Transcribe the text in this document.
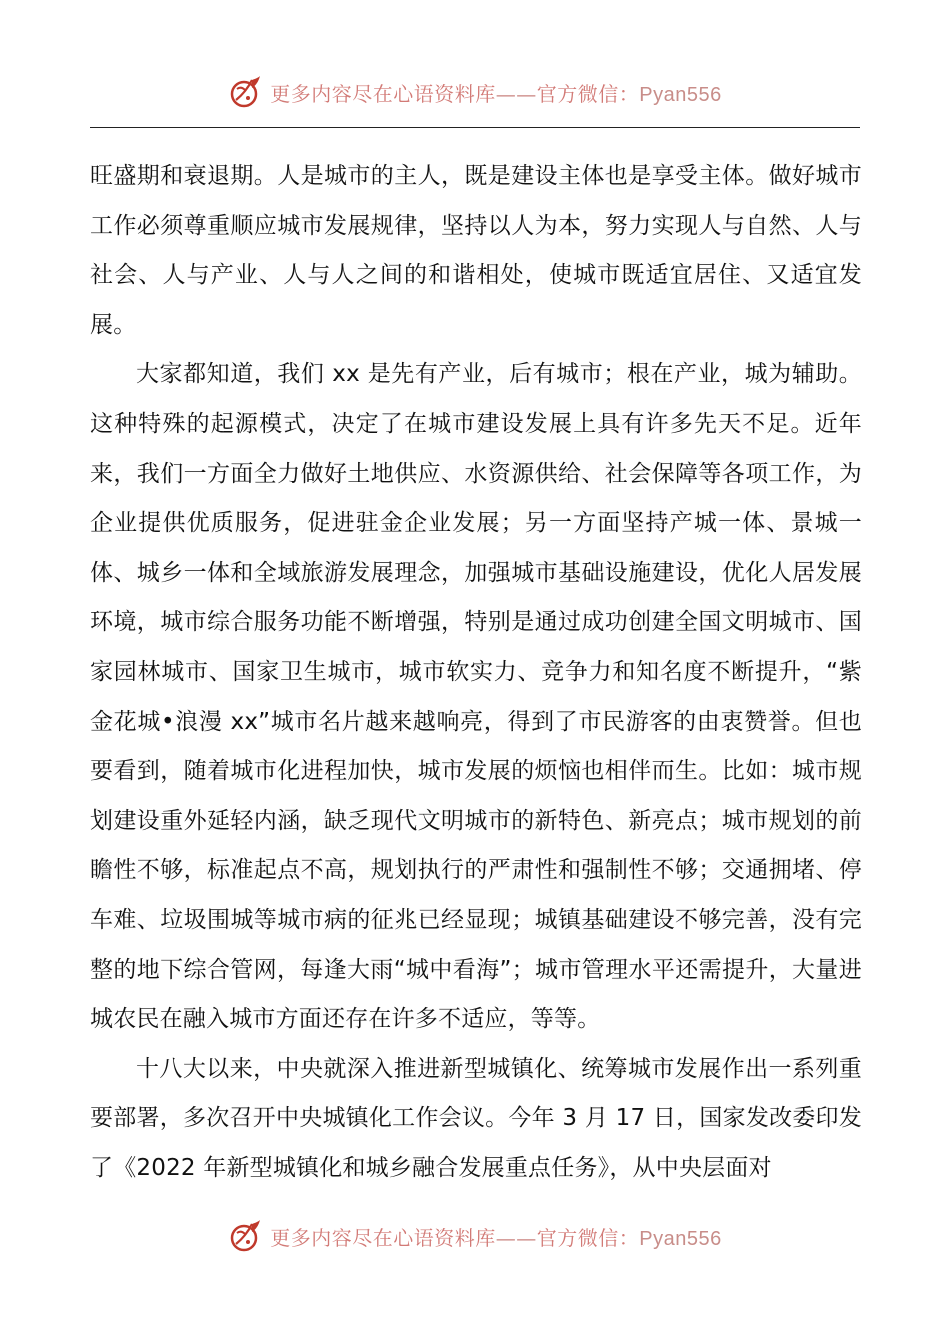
更多内容尽在心语资料库——官方微信：Pyan556

旺盛期和衰退期。人是城市的主人，既是建设主体也是享受主体。做好城市工作必须尊重顺应城市发展规律，坚持以人为本，努力实现人与自然、人与社会、人与产业、人与人之间的和谐相处，使城市既适宜居住、又适宜发展。

大家都知道，我们 xx 是先有产业，后有城市；根在产业，城为辅助。这种特殊的起源模式，决定了在城市建设发展上具有许多先天不足。近年来，我们一方面全力做好土地供应、水资源供给、社会保障等各项工作，为企业提供优质服务，促进驻金企业发展；另一方面坚持产城一体、景城一体、城乡一体和全域旅游发展理念，加强城市基础设施建设，优化人居发展环境，城市综合服务功能不断增强，特别是通过成功创建全国文明城市、国家园林城市、国家卫生城市，城市软实力、竞争力和知名度不断提升，“紫金花城•浪漫 xx”城市名片越来越响亮，得到了市民游客的由衷赞誉。但也要看到，随着城市化进程加快，城市发展的烦恼也相伴而生。比如：城市规划建设重外延轻内涵，缺乏现代文明城市的新特色、新亮点；城市规划的前瞻性不够，标准起点不高，规划执行的严肃性和强制性不够；交通拥堵、停车难、垃圾围城等城市病的征兆已经显现；城镇基础建设不够完善，没有完整的地下综合管网，每逢大雨“城中看海”；城市管理水平还需提升，大量进城农民在融入城市方面还存在许多不适应，等等。

十八大以来，中央就深入推进新型城镇化、统筹城市发展作出一系列重要部署，多次召开中央城镇化工作会议。今年 3 月 17 日，国家发改委印发了《2022 年新型城镇化和城乡融合发展重点任务》，从中央层面对

更多内容尽在心语资料库——官方微信：Pyan556
